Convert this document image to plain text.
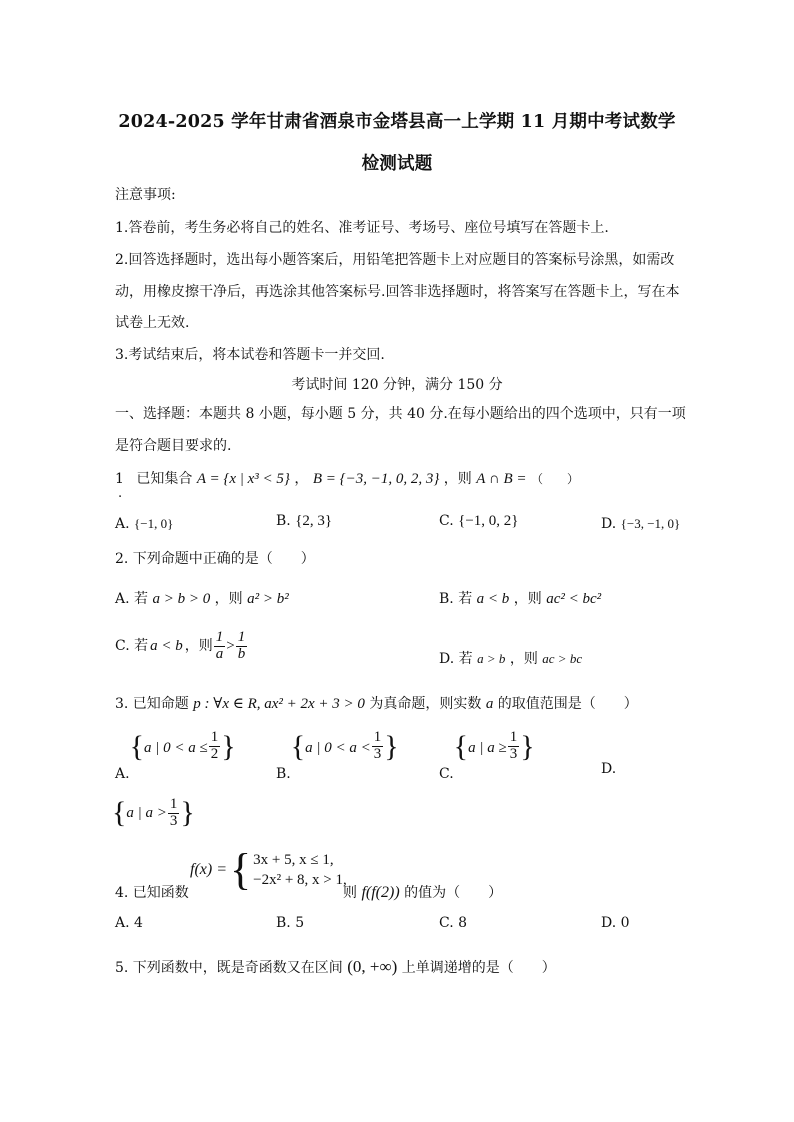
2024-2025 学年甘肃省酒泉市金塔县高一上学期 11 月期中考试数学
检测试题
注意事项:
1.答卷前，考生务必将自己的姓名、准考证号、考场号、座位号填写在答题卡上.
2.回答选择题时，选出每小题答案后，用铅笔把答题卡上对应题目的答案标号涂黑，如需改
动，用橡皮擦干净后，再选涂其他答案标号.回答非选择题时，将答案写在答题卡上，写在本
试卷上无效.
3.考试结束后，将本试卷和答题卡一并交回.
考试时间 120 分钟，满分 150 分
一、选择题：本题共 8 小题，每小题 5 分，共 40 分.在每小题给出的四个选项中，只有一项
是符合题目要求的.
1 已知集合 A = {x | x³ < 5} ， B = {−3, −1, 0, 2, 3} ，则 A ∩ B = （　　）
.
A. {−1, 0}	B. {2, 3}	C. {−1, 0, 2}	D. {−3, −1, 0}
2. 下列命题中正确的是（　　）
A. 若 a > b > 0 ，则 a² > b²	B. 若 a < b ，则 ac² < bc²
C. 若 a < b ，则 $\frac{1}{a} > \frac{1}{b}$	D. 若 a > b ，则 ac > bc
3. 已知命题 p : ∀x ∈ R, ax² + 2x + 3 > 0 为真命题，则实数 a 的取值范围是（　　）
A.
{ a | $0 < a \le \frac{1}{2}$ }
B.
{ a | $0 < a < \frac{1}{3}$ }
C.
{ a | $a \ge \frac{1}{3}$ }
D.
{ a | $a > \frac{1}{3}$ }
4. 已知函数
f(x) = { 3x + 5, x ≤ 1,
−2x² + 8, x > 1,
则 f(f(2)) 的值为（　　）
A. 4	B. 5	C. 8	D. 0
5. 下列函数中，既是奇函数又在区间 (0, +∞) 上单调递增的是（　　）
